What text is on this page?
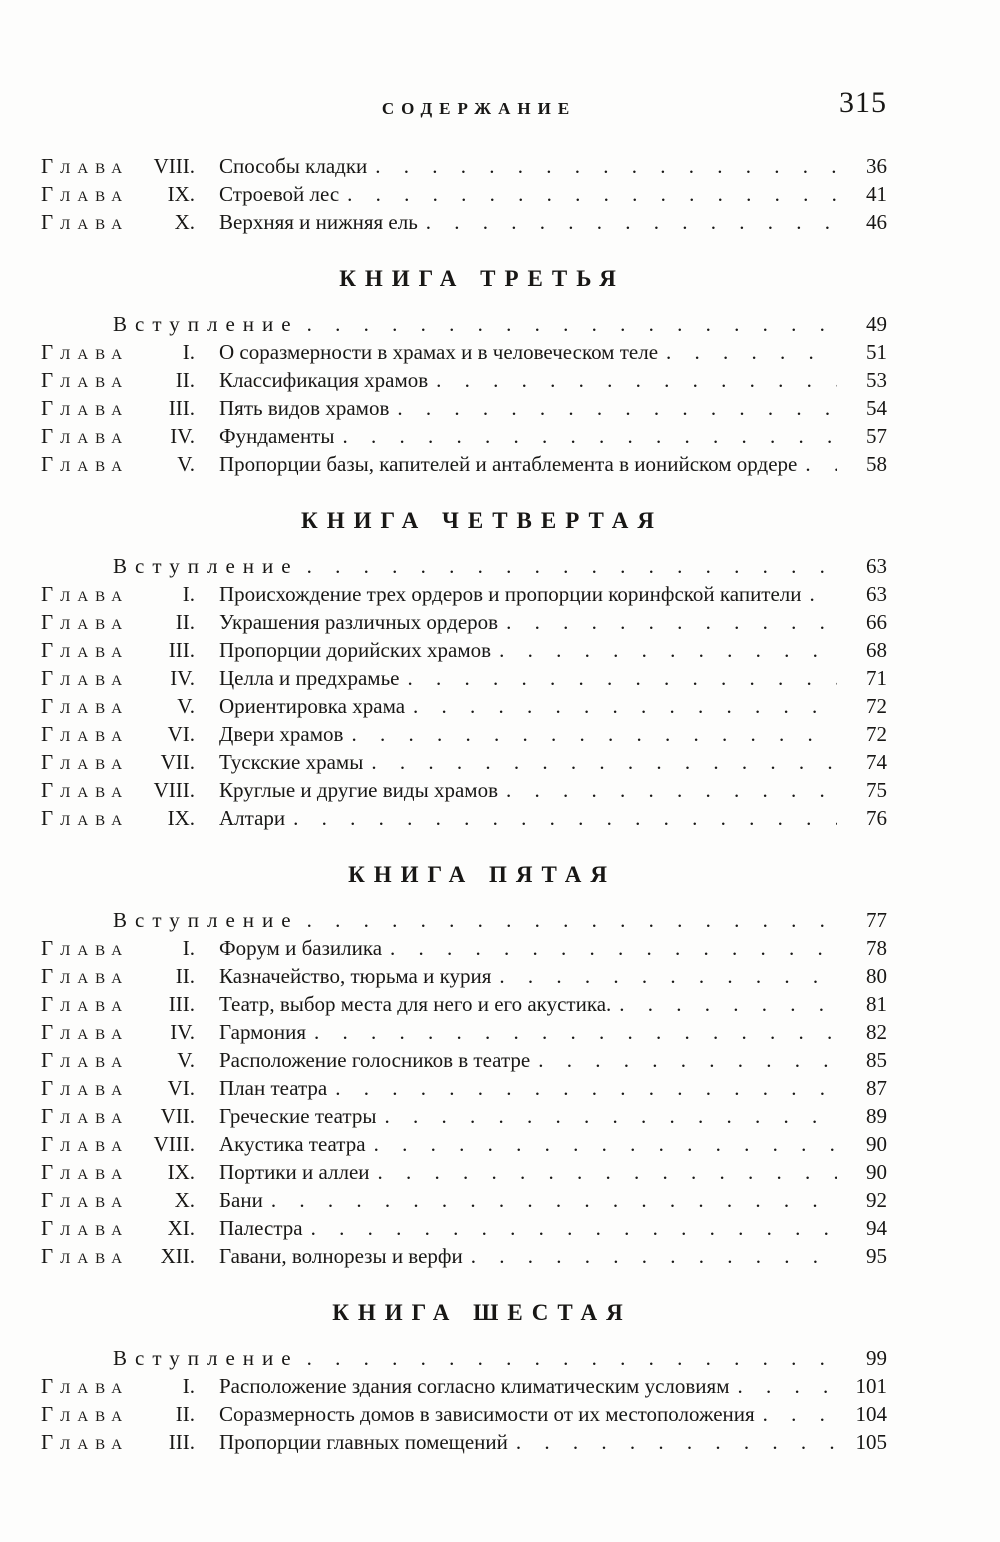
СОДЕРЖАНИЕ	315
Глава	VIII. Способы кладки . . .	36
Глава	IX. Строевой лес . . .	41
Глава	X. Верхняя и нижняя ель . . .	46
КНИГА ТРЕТЬЯ
Вступление . . .	49
Глава	I. О соразмерности в храмах и в человеческом теле . . .	51
Глава	II. Классификация храмов . . .	53
Глава	III. Пять видов храмов . . .	54
Глава	IV. Фундаменты . . .	57
Глава	V. Пропорции базы, капителей и антаблемента в ионийском ордере . . .	58
КНИГА ЧЕТВЕРТАЯ
Вступление . . .	63
Глава	I. Происхождение трех ордеров и пропорции коринфской капители . . .	63
Глава	II. Украшения различных ордеров . . .	66
Глава	III. Пропорции дорийских храмов . . .	68
Глава	IV. Целла и предхрамье . . .	71
Глава	V. Ориентировка храма . . .	72
Глава	VI. Двери храмов . . .	72
Глава	VII. Тускские храмы . . .	74
Глава	VIII. Круглые и другие виды храмов . . .	75
Глава	IX. Алтари . . .	76
КНИГА ПЯТАЯ
Вступление . . .	77
Глава	I. Форум и базилика . . .	78
Глава	II. Казначейство, тюрьма и курия . . .	80
Глава	III. Театр, выбор места для него и его акустика. . . .	81
Глава	IV. Гармония . . .	82
Глава	V. Расположение голосников в театре . . .	85
Глава	VI. План театра . . .	87
Глава	VII. Греческие театры . . .	89
Глава	VIII. Акустика театра . . .	90
Глава	IX. Портики и аллеи . . .	90
Глава	X. Бани . . .	92
Глава	XI. Палестра . . .	94
Глава	XII. Гавани, волнорезы и верфи . . .	95
КНИГА ШЕСТАЯ
Вступление . . .	99
Глава	I. Расположение здания согласно климатическим условиям . . .	101
Глава	II. Соразмерность домов в зависимости от их местоположения . . .	104
Глава	III. Пропорции главных помещений . . .	105
